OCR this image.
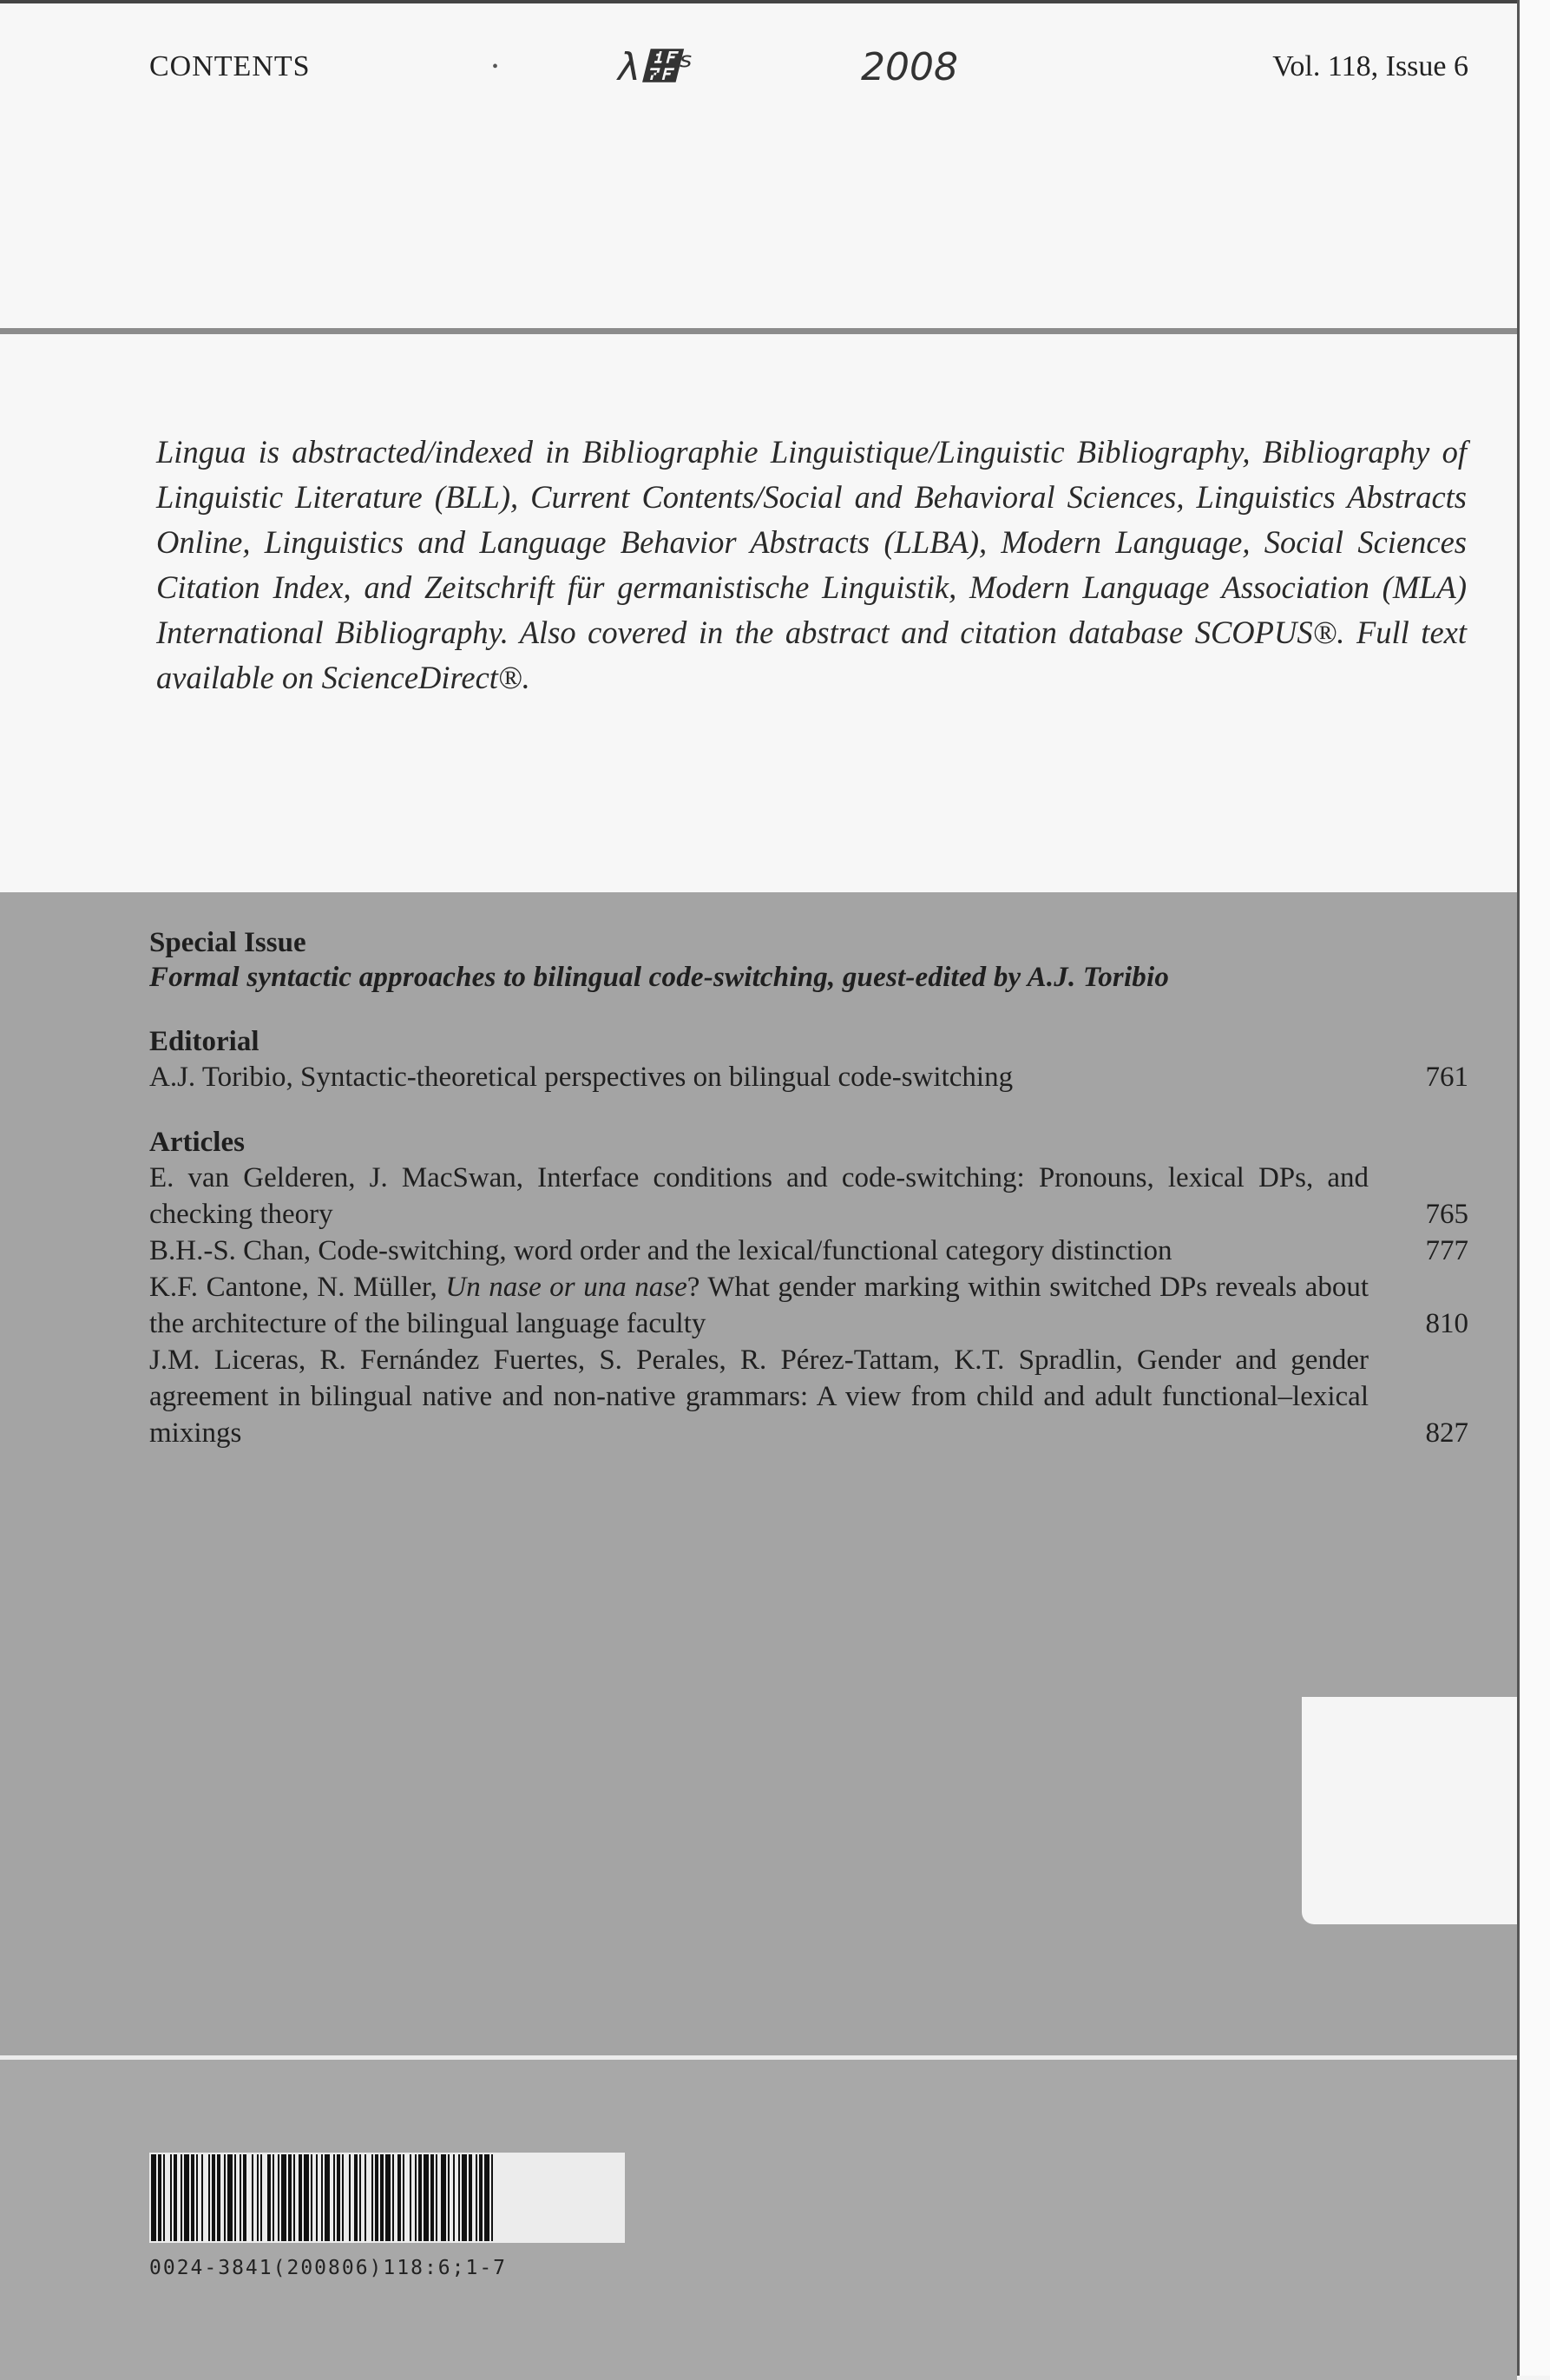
CONTENTS	•	λ὿ˢ	2008	Vol. 118, Issue 6

Lingua is abstracted/indexed in Bibliographie Linguistique/Linguistic Bibliography, Bibliography of Linguistic Literature (BLL), Current Contents/Social and Behavioral Sciences, Linguistics Abstracts Online, Linguistics and Language Behavior Abstracts (LLBA), Modern Language, Social Sciences Citation Index, and Zeitschrift für germanistische Linguistik, Modern Language Association (MLA) International Bibliography. Also covered in the abstract and citation database SCOPUS®. Full text available on ScienceDirect®.

Special Issue
Formal syntactic approaches to bilingual code-switching, guest-edited by A.J. Toribio
Editorial
A.J. Toribio, Syntactic-theoretical perspectives on bilingual code-switching	761
Articles
E. van Gelderen, J. MacSwan, Interface conditions and code-switching: Pronouns, lexical DPs, and checking theory	765
B.H.-S. Chan, Code-switching, word order and the lexical/functional category distinction	777
K.F. Cantone, N. Müller, Un nase or una nase? What gender marking within switched DPs reveals about the architecture of the bilingual language faculty	810
J.M. Liceras, R. Fernández Fuertes, S. Perales, R. Pérez-Tattam, K.T. Spradlin, Gender and gender agreement in bilingual native and non-native grammars: A view from child and adult functional–lexical mixings	827
0024-3841(200806)118:6;1-7
